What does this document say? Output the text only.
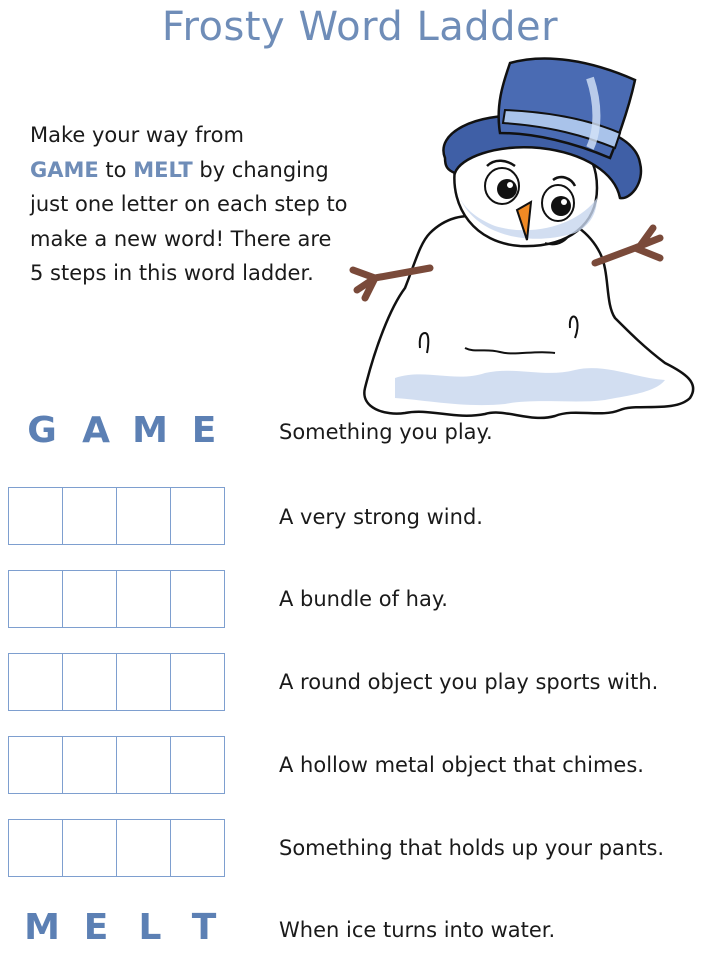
Frosty Word Ladder
Make your way from
GAME to MELT by changing just one letter on each step to make a new word! There are 5 steps in this word ladder.
G A M E	Something you play.
A very strong wind.
A bundle of hay.
A round object you play sports with.
A hollow metal object that chimes.
Something that holds up your pants.
M E L T	When ice turns into water.
